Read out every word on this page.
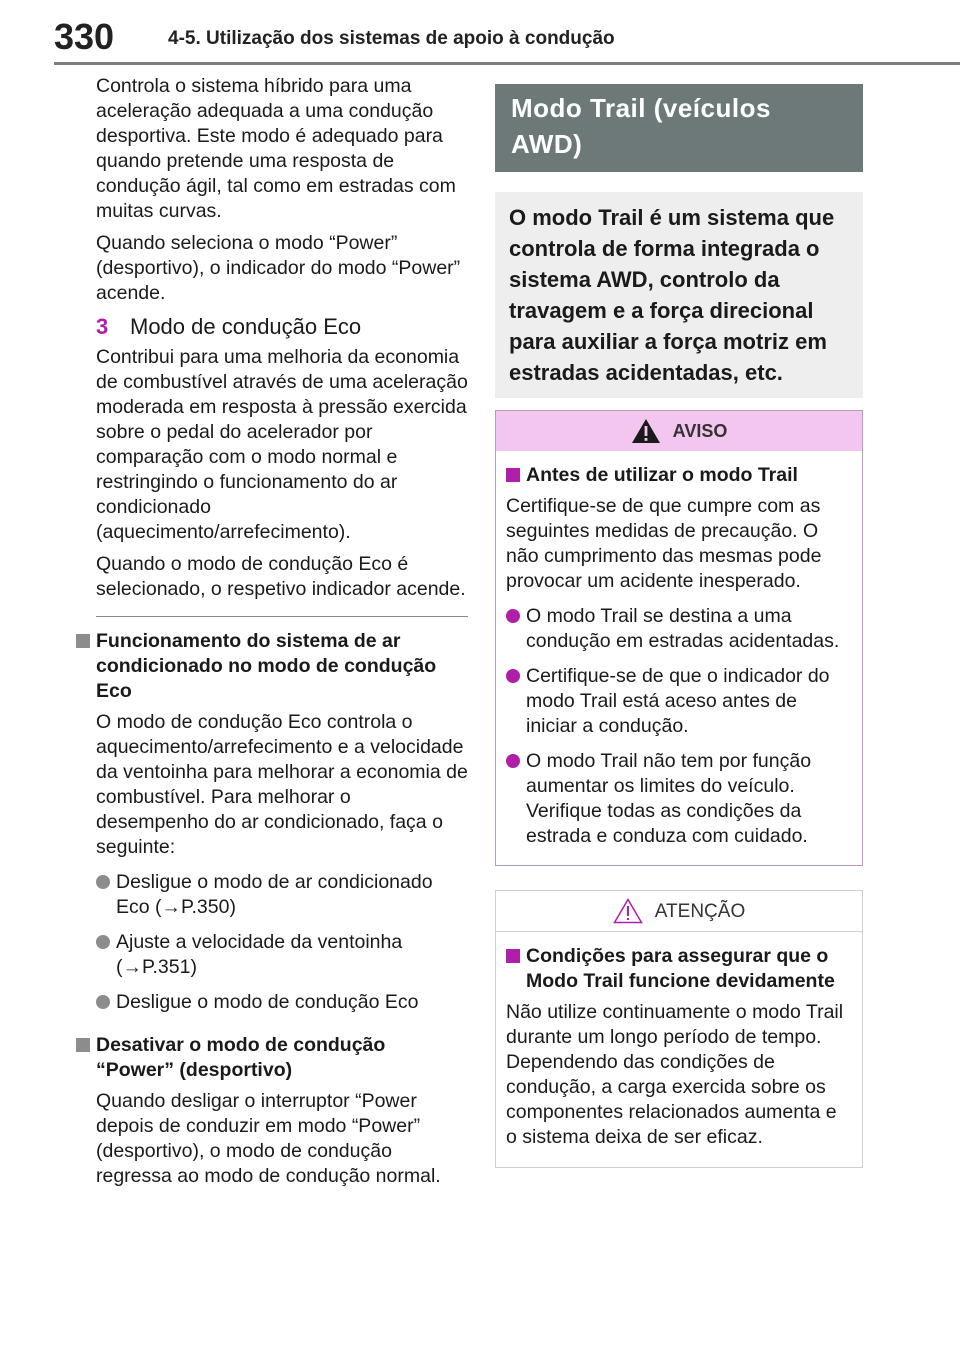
330	4-5. Utilização dos sistemas de apoio à condução

Controla o sistema híbrido para uma aceleração adequada a uma condução desportiva. Este modo é adequado para quando pretende uma resposta de condução ágil, tal como em estradas com muitas curvas.

Quando seleciona o modo “Power” (desportivo), o indicador do modo “Power” acende.

3 Modo de condução Eco

Contribui para uma melhoria da economia de combustível através de uma aceleração moderada em resposta à pressão exercida sobre o pedal do acelerador por comparação com o modo normal e restringindo o funcionamento do ar condicionado (aquecimento/arrefecimento).

Quando o modo de condução Eco é selecionado, o respetivo indicador acende.

Funcionamento do sistema de ar condicionado no modo de condução Eco

O modo de condução Eco controla o aquecimento/arrefecimento e a velocidade da ventoinha para melhorar a economia de combustível. Para melhorar o desempenho do ar condicionado, faça o seguinte:

Desligue o modo de ar condicionado Eco (→P.350)
Ajuste a velocidade da ventoinha (→P.351)
Desligue o modo de condução Eco
Desativar o modo de condução “Power” (desportivo)

Quando desligar o interruptor “Power depois de conduzir em modo “Power” (desportivo), o modo de condução regressa ao modo de condução normal.

Modo Trail (veículos AWD)
O modo Trail é um sistema que controla de forma integrada o sistema AWD, controlo da travagem e a força direcional para auxiliar a força motriz em estradas acidentadas, etc.
AVISO
Antes de utilizar o modo Trail

Certifique-se de que cumpre com as seguintes medidas de precaução. O não cumprimento das mesmas pode provocar um acidente inesperado.

O modo Trail se destina a uma condução em estradas acidentadas.
Certifique-se de que o indicador do modo Trail está aceso antes de iniciar a condução.
O modo Trail não tem por função aumentar os limites do veículo. Verifique todas as condições da estrada e conduza com cuidado.
ATENÇÃO
Condições para assegurar que o Modo Trail funcione devidamente

Não utilize continuamente o modo Trail durante um longo período de tempo. Dependendo das condições de condução, a carga exercida sobre os componentes relacionados aumenta e o sistema deixa de ser eficaz.
